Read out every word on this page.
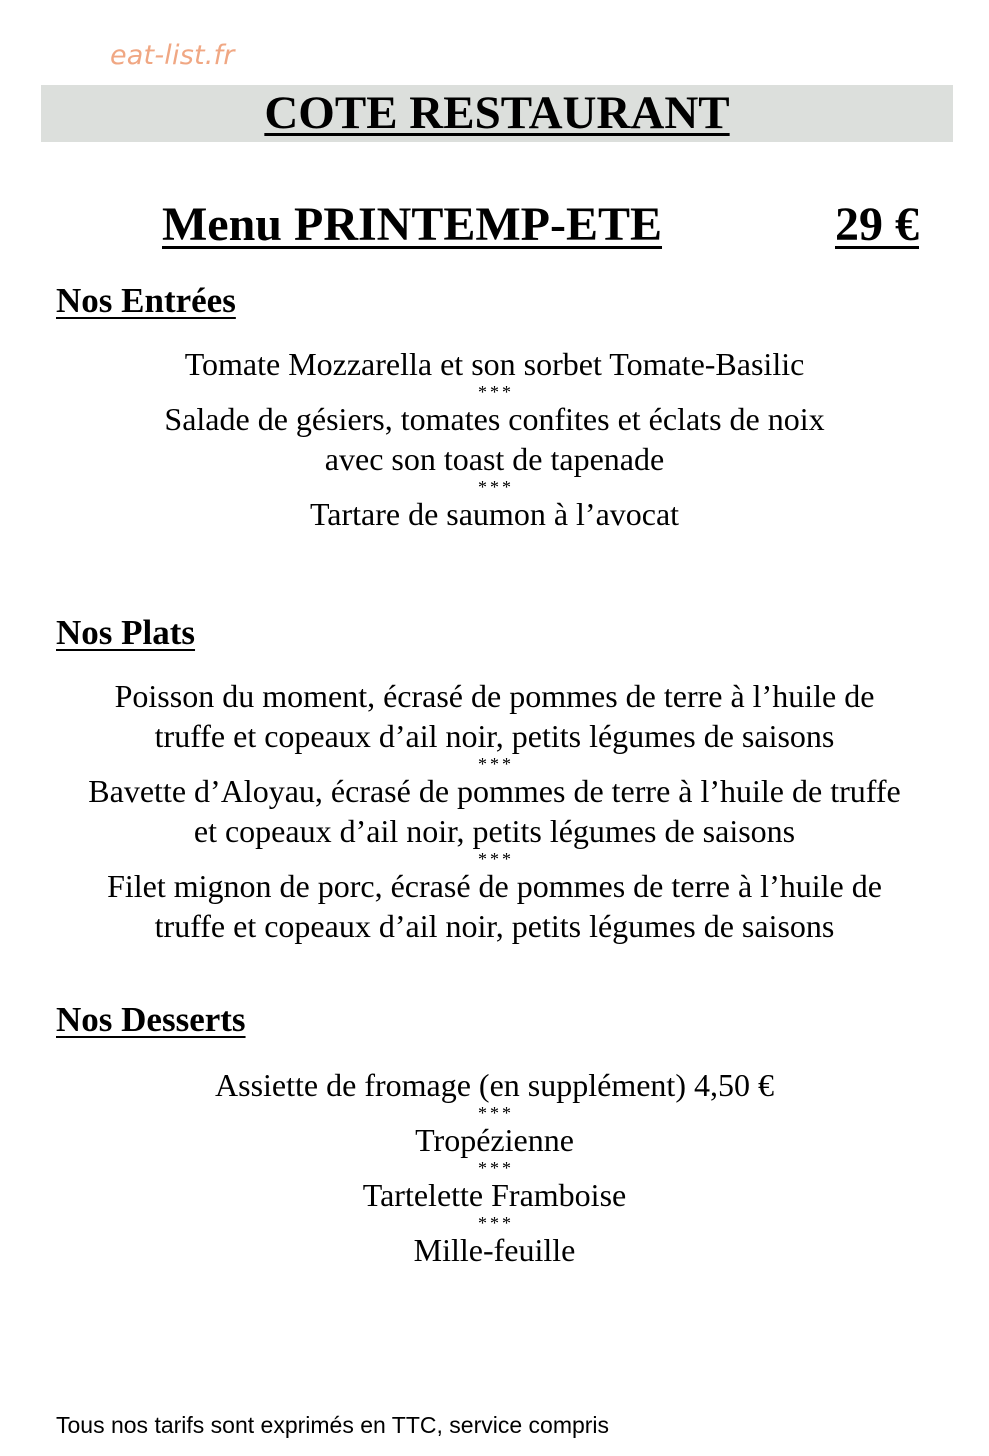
eat-list.fr
COTE RESTAURANT
Menu PRINTEMP-ETE	29 €
Nos Entrées
Tomate Mozzarella et son sorbet Tomate-Basilic
***
Salade de gésiers, tomates confites et éclats de noix
avec son toast de tapenade
***
Tartare de saumon à l’avocat
Nos Plats
Poisson du moment, écrasé de pommes de terre à l’huile de
truffe et copeaux d’ail noir, petits légumes de saisons
***
Bavette d’Aloyau, écrasé de pommes de terre à l’huile de truffe
et copeaux d’ail noir, petits légumes de saisons
***
Filet mignon de porc, écrasé de pommes de terre à l’huile de
truffe et copeaux d’ail noir, petits légumes de saisons
Nos Desserts
Assiette de fromage (en supplément) 4,50 €
***
Tropézienne
***
Tartelette Framboise
***
Mille-feuille
Tous nos tarifs sont exprimés en TTC, service compris
